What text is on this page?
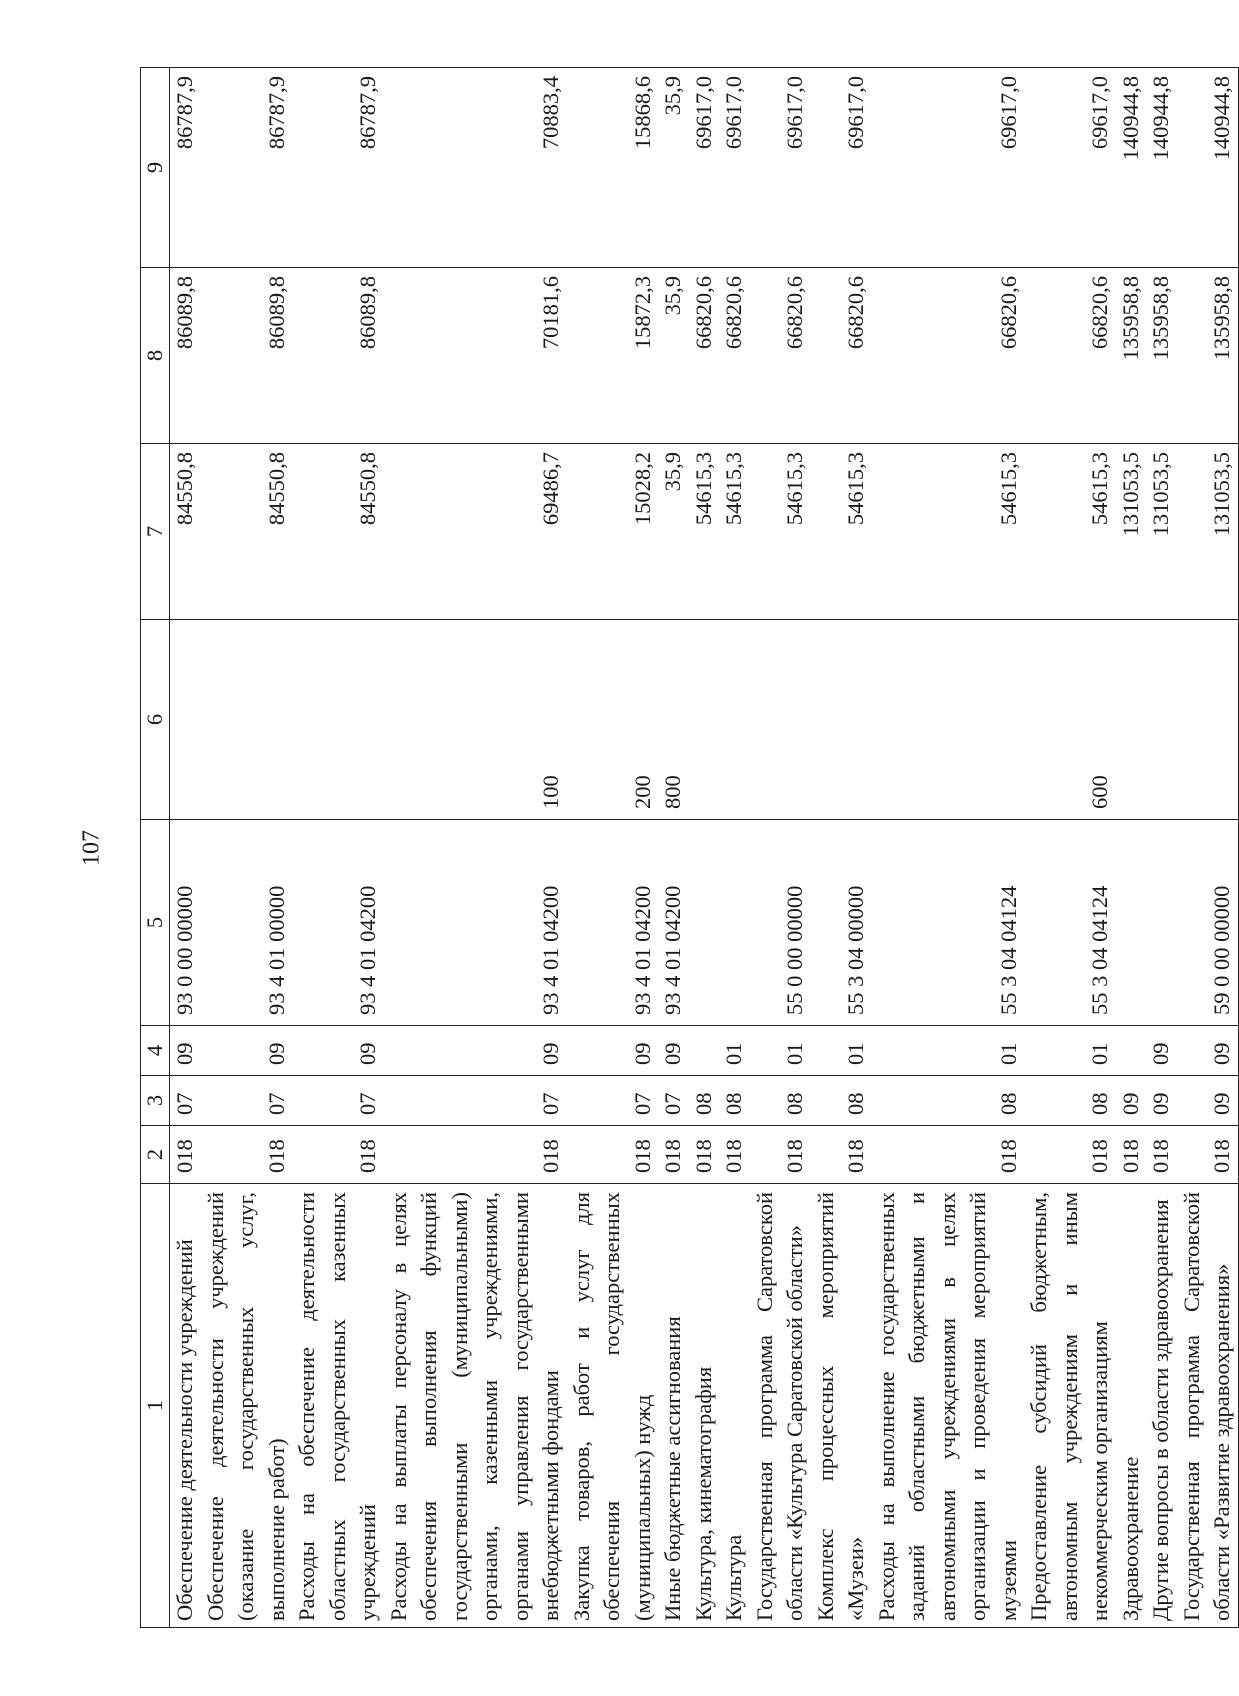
107
1	2	3	4	5	6	7	8	9
Обеспечение деятельности учреждений	018	07	09	93 0 00 00000		84550,8	86089,8	86787,9
Обеспечение деятельности учреждений (оказание государственных услуг, выполнение работ)	018	07	09	93 4 01 00000		84550,8	86089,8	86787,9
Расходы на обеспечение деятельности областных государственных казенных учреждений	018	07	09	93 4 01 04200		84550,8	86089,8	86787,9
Расходы на выплаты персоналу в целях обеспечения выполнения функций государственными (муниципальными) органами, казенными учреждениями, органами управления государственными внебюджетными фондами	018	07	09	93 4 01 04200	100	69486,7	70181,6	70883,4
Закупка товаров, работ и услуг для обеспечения государственных (муниципальных) нужд	018	07	09	93 4 01 04200	200	15028,2	15872,3	15868,6
Иные бюджетные ассигнования	018	07	09	93 4 01 04200	800	35,9	35,9	35,9
Культура, кинематография	018	08				54615,3	66820,6	69617,0
Культура	018	08	01			54615,3	66820,6	69617,0
Государственная программа Саратовской области «Культура Саратовской области»	018	08	01	55 0 00 00000		54615,3	66820,6	69617,0
Комплекс процессных мероприятий «Музеи»	018	08	01	55 3 04 00000		54615,3	66820,6	69617,0
Расходы на выполнение государственных заданий областными бюджетными и автономными учреждениями в целях организации и проведения мероприятий музеями	018	08	01	55 3 04 04124		54615,3	66820,6	69617,0
Предоставление субсидий бюджетным, автономным учреждениям и иным некоммерческим организациям	018	08	01	55 3 04 04124	600	54615,3	66820,6	69617,0
Здравоохранение	018	09				131053,5	135958,8	140944,8
Другие вопросы в области здравоохранения	018	09	09			131053,5	135958,8	140944,8
Государственная программа Саратовской области «Развитие здравоохранения»	018	09	09	59 0 00 00000		131053,5	135958,8	140944,8
